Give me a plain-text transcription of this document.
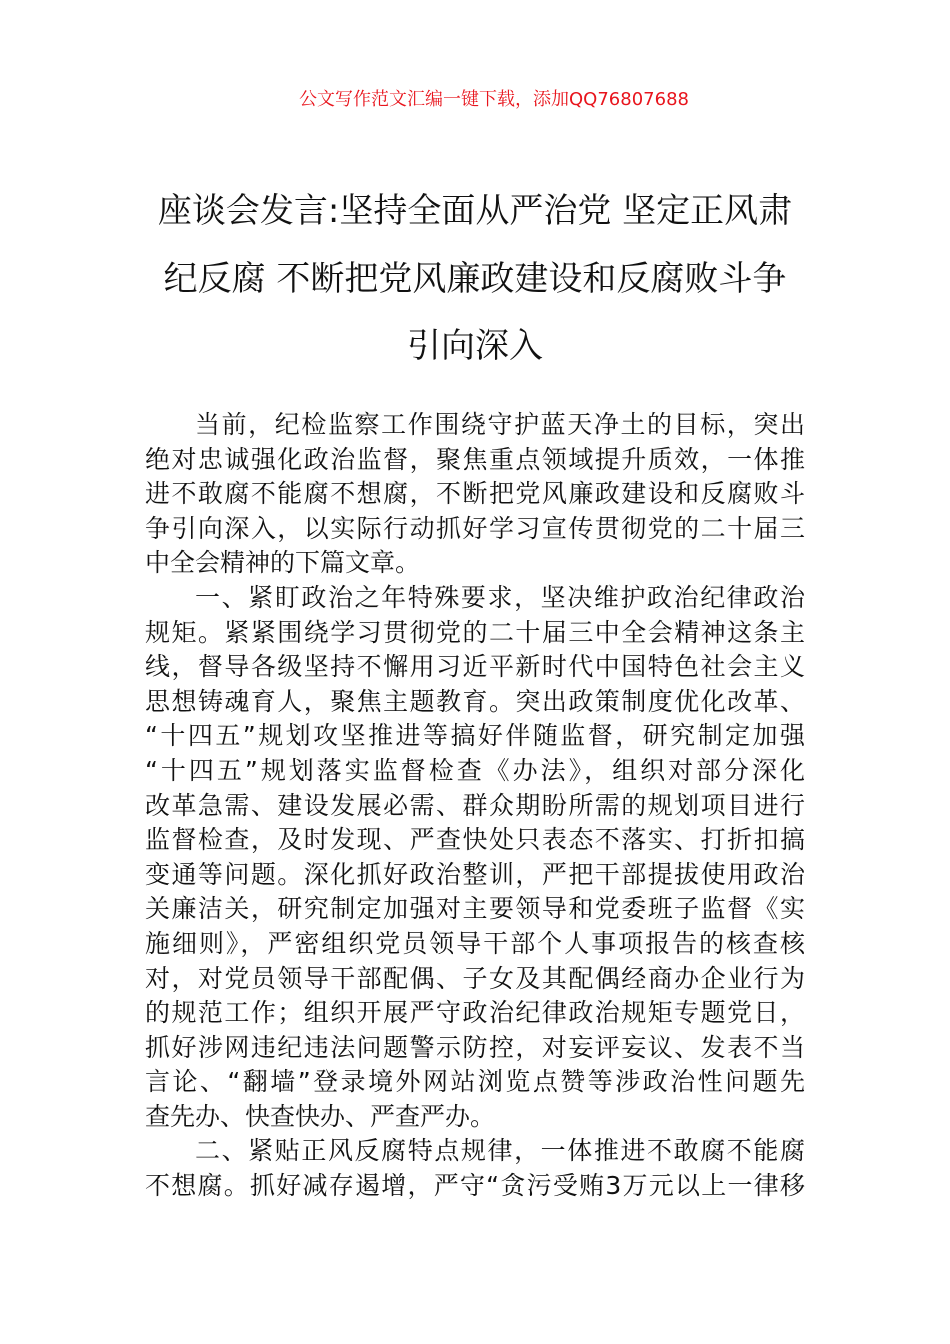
公文写作范文汇编一键下载，添加QQ76807688
座谈会发言:坚持全面从严治党 坚定正风肃
纪反腐 不断把党风廉政建设和反腐败斗争
引向深入
当前，纪检监察工作围绕守护蓝天净土的目标，突出
绝对忠诚强化政治监督，聚焦重点领域提升质效，一体推
进不敢腐不能腐不想腐，不断把党风廉政建设和反腐败斗
争引向深入，以实际行动抓好学习宣传贯彻党的二十届三
中全会精神的下篇文章。
一、紧盯政治之年特殊要求，坚决维护政治纪律政治
规矩。紧紧围绕学习贯彻党的二十届三中全会精神这条主
线，督导各级坚持不懈用习近平新时代中国特色社会主义
思想铸魂育人，聚焦主题教育。突出政策制度优化改革、
“十四五”规划攻坚推进等搞好伴随监督，研究制定加强
“十四五”规划落实监督检查《办法》，组织对部分深化
改革急需、建设发展必需、群众期盼所需的规划项目进行
监督检查，及时发现、严查快处只表态不落实、打折扣搞
变通等问题。深化抓好政治整训，严把干部提拔使用政治
关廉洁关，研究制定加强对主要领导和党委班子监督《实
施细则》，严密组织党员领导干部个人事项报告的核查核
对，对党员领导干部配偶、子女及其配偶经商办企业行为
的规范工作；组织开展严守政治纪律政治规矩专题党日，
抓好涉网违纪违法问题警示防控，对妄评妄议、发表不当
言论、“翻墙”登录境外网站浏览点赞等涉政治性问题先
查先办、快查快办、严查严办。
二、紧贴正风反腐特点规律，一体推进不敢腐不能腐
不想腐。抓好减存遏增，严守“贪污受贿3万元以上一律移
